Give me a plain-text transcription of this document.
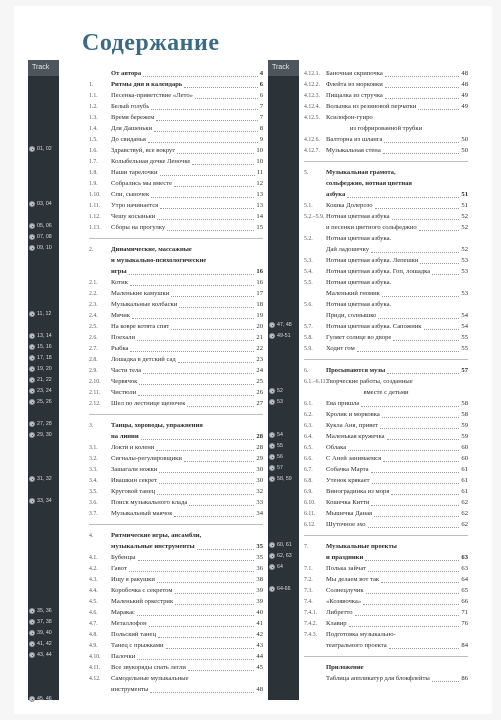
Содержание
Track
01, 02
03, 04
05, 06
07, 08
09, 10
11, 12
13, 14
15, 16
17, 18
19, 20
21, 22
23, 24
25, 26
27, 28
29, 30
31, 32
33, 34
35, 36
37, 38
39, 40
41, 42
43, 44
45, 46
От автора	4
1.	Ритмы дня и календарь	6
1.1.	Песенка-приветствие «Лето»	6
1.2.	Белый голубь	7
1.3.	Время бережем	7
1.4.	Для Дашеньки	8
1.5.	До свиданья	9
1.6.	Здравствуй, все вокруг	10
1.7.	Колыбельная дочке Леночке	10
1.8.	Наши тарелочки	11
1.9.	Собрались мы вместе	12
1.10.	Спи, сыночек	13
1.11.	Утро начинается	13
1.12.	Чешу косыньки	14
1.13.	Сборы на прогулку	15
2.	Динамические, массажные
и музыкально-психологические
игры	16
2.1.	Котик	16
2.2.	Маленькие камушки	17
2.3.	Музыкальные колбаски	18
2.4.	Мячик	19
2.5.	На ковре котята спят	20
2.6.	Поехали	21
2.7.	Рыбка	22
2.8.	Лошадка в детский сад	23
2.9.	Части тела	24
2.10.	Червячок	25
2.11.	Чистюли	26
2.12.	Шел по лестнице щеночек	27
3.	Танцы, хороводы, упражнения
на линии	28
3.1.	Локти и колени	28
3.2.	Сигналы-регулировщики	29
3.3.	Зашагали ножки	30
3.4.	Ивашкин секрет	30
3.5.	Круговой танец	32
3.6.	Поиск музыкального клада	33
3.7.	Музыкальный маячок	34
4.	Ритмические игры, ансамбли,
музыкальные инструменты	35
4.1.	Бубенцы	35
4.2.	Гавот	36
4.3.	Ищу я ракушки	38
4.4.	Коробочка с секретом	39
4.5.	Маленький оркестрик	39
4.6.	Маракас	40
4.7.	Металлофон	41
4.8.	Польский танец	42
4.9.	Танец с прыжками	43
4.10.	Палочки	44
4.11.	Все звукоряды спать легли	45
4.12.	Самодельные музыкальные
инструменты	48
Track
47, 48
49-51
52
53
54
55
56
57
58, 59
60, 61
62, 63
64
64-66
4.12.1. Баночная скрипочка	48
4.12.2. Флейта из морковки	48
4.12.3. Пищалка из стручка	49
4.12.4. Волынка из резиновой перчатки	49
4.12.5. Ксилофон-гуиро
из гофрированной трубки
4.12.6. Валторна из шланга	50
4.12.7. Музыкальная стена	50
5.	Музыкальная грамота,
сольфеджио, нотная цветная
азбука	51
5.1.	Кошка Долерозо	51
5.2.–5.9. Нотная цветная азбука	52
и песенки цветного сольфеджио	52
5.2.	Нотная цветная азбука.
Дай ладошечку	52
5.3.	Нотная цветная азбука. Лепешки	53
5.4.	Нотная цветная азбука. Гоп, лошадка	53
5.5.	Нотная цветная азбука.
Маленький гномик	53
5.6.	Нотная цветная азбука.
Приди, солнышко	54
5.7.	Нотная цветная азбука. Сапожник	54
5.8.	Гуляет солнце во дворе	55
5.9.	Ходит гом	55
6.	Просыпаются музы	57
6.1.–6.11. Творческие работы, созданные
вместе с детьми
6.1.	Ева пришла	58
6.2.	Кролик и морковка	58
6.3.	Кукла Аня, привет	59
6.4.	Маленькая кружечка	59
6.5.	Облака	60
6.6.	С Аней занимаемся	60
6.7.	Собачка Марта	61
6.8.	Утенок крякает	61
6.9.	Виноградинка из моря	61
6.10.	Кошечка Китти	62
6.11.	Мышечка Даная	62
6.12.	Шуточное эхо	62
7.	Музыкальные проекты
и праздники	63
7.1.	Полька зайчат	63
7.2.	Мы делаем вот так	64
7.3.	Солнецлучик	65
7.4.	«Козявочка»	66
7.4.1.	Либретто	71
7.4.2.	Клавир	76
7.4.3.	Подготовка музыкально-
театрального проекта	84
Приложение
Таблица аппликатур для блокфлейты	86
